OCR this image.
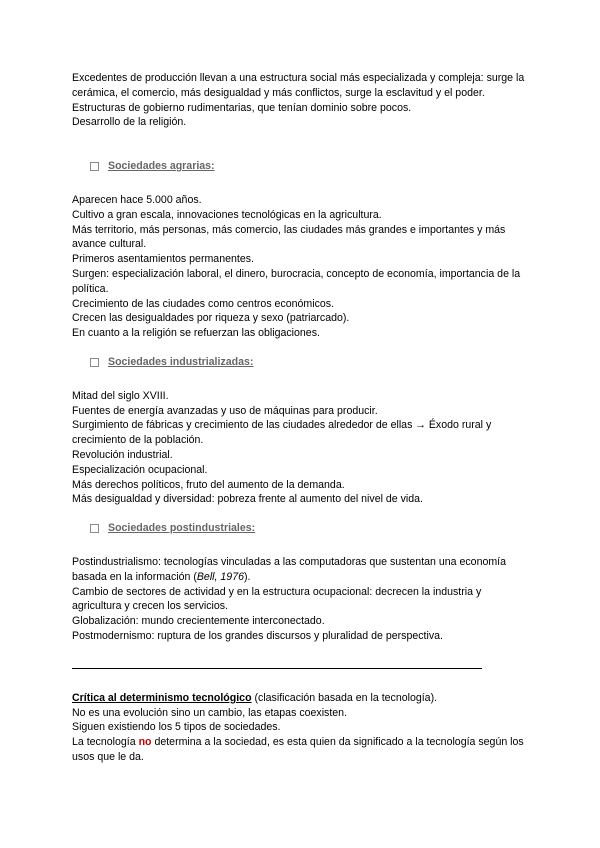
Excedentes de producción llevan a una estructura social más especializada y compleja: surge la cerámica, el comercio, más desigualdad y más conflictos, surge la esclavitud y el poder.

Estructuras de gobierno rudimentarias, que tenían dominio sobre pocos.

Desarrollo de la religión.

Sociedades agrarias:

Aparecen hace 5.000 años.

Cultivo a gran escala, innovaciones tecnológicas en la agricultura.

Más territorio, más personas, más comercio, las ciudades más grandes e importantes y más avance cultural.

Primeros asentamientos permanentes.

Surgen: especialización laboral, el dinero, burocracia, concepto de economía, importancia de la política.

Crecimiento de las ciudades como centros económicos.

Crecen las desigualdades por riqueza y sexo (patriarcado).

En cuanto a la religión se refuerzan las obligaciones.

Sociedades industrializadas:

Mitad del siglo XVIII.

Fuentes de energía avanzadas y uso de máquinas para producir.

Surgimiento de fábricas y crecimiento de las ciudades alrededor de ellas → Éxodo rural y crecimiento de la población.

Revolución industrial.

Especialización ocupacional.

Más derechos políticos, fruto del aumento de la demanda.

Más desigualdad y diversidad: pobreza frente al aumento del nivel de vida.

Sociedades postindustriales:

Postindustrialismo: tecnologías vinculadas a las computadoras que sustentan una economía basada en la información (Bell, 1976).

Cambio de sectores de actividad y en la estructura ocupacional: decrecen la industria y agricultura y crecen los servicios.

Globalización: mundo crecientemente interconectado.

Postmodernismo: ruptura de los grandes discursos y pluralidad de perspectiva.

Crítica al determinismo tecnológico (clasificación basada en la tecnología).

No es una evolución sino un cambio, las etapas coexisten.

Siguen existiendo los 5 tipos de sociedades.

La tecnología no determina a la sociedad, es esta quien da significado a la tecnología según los usos que le da.
